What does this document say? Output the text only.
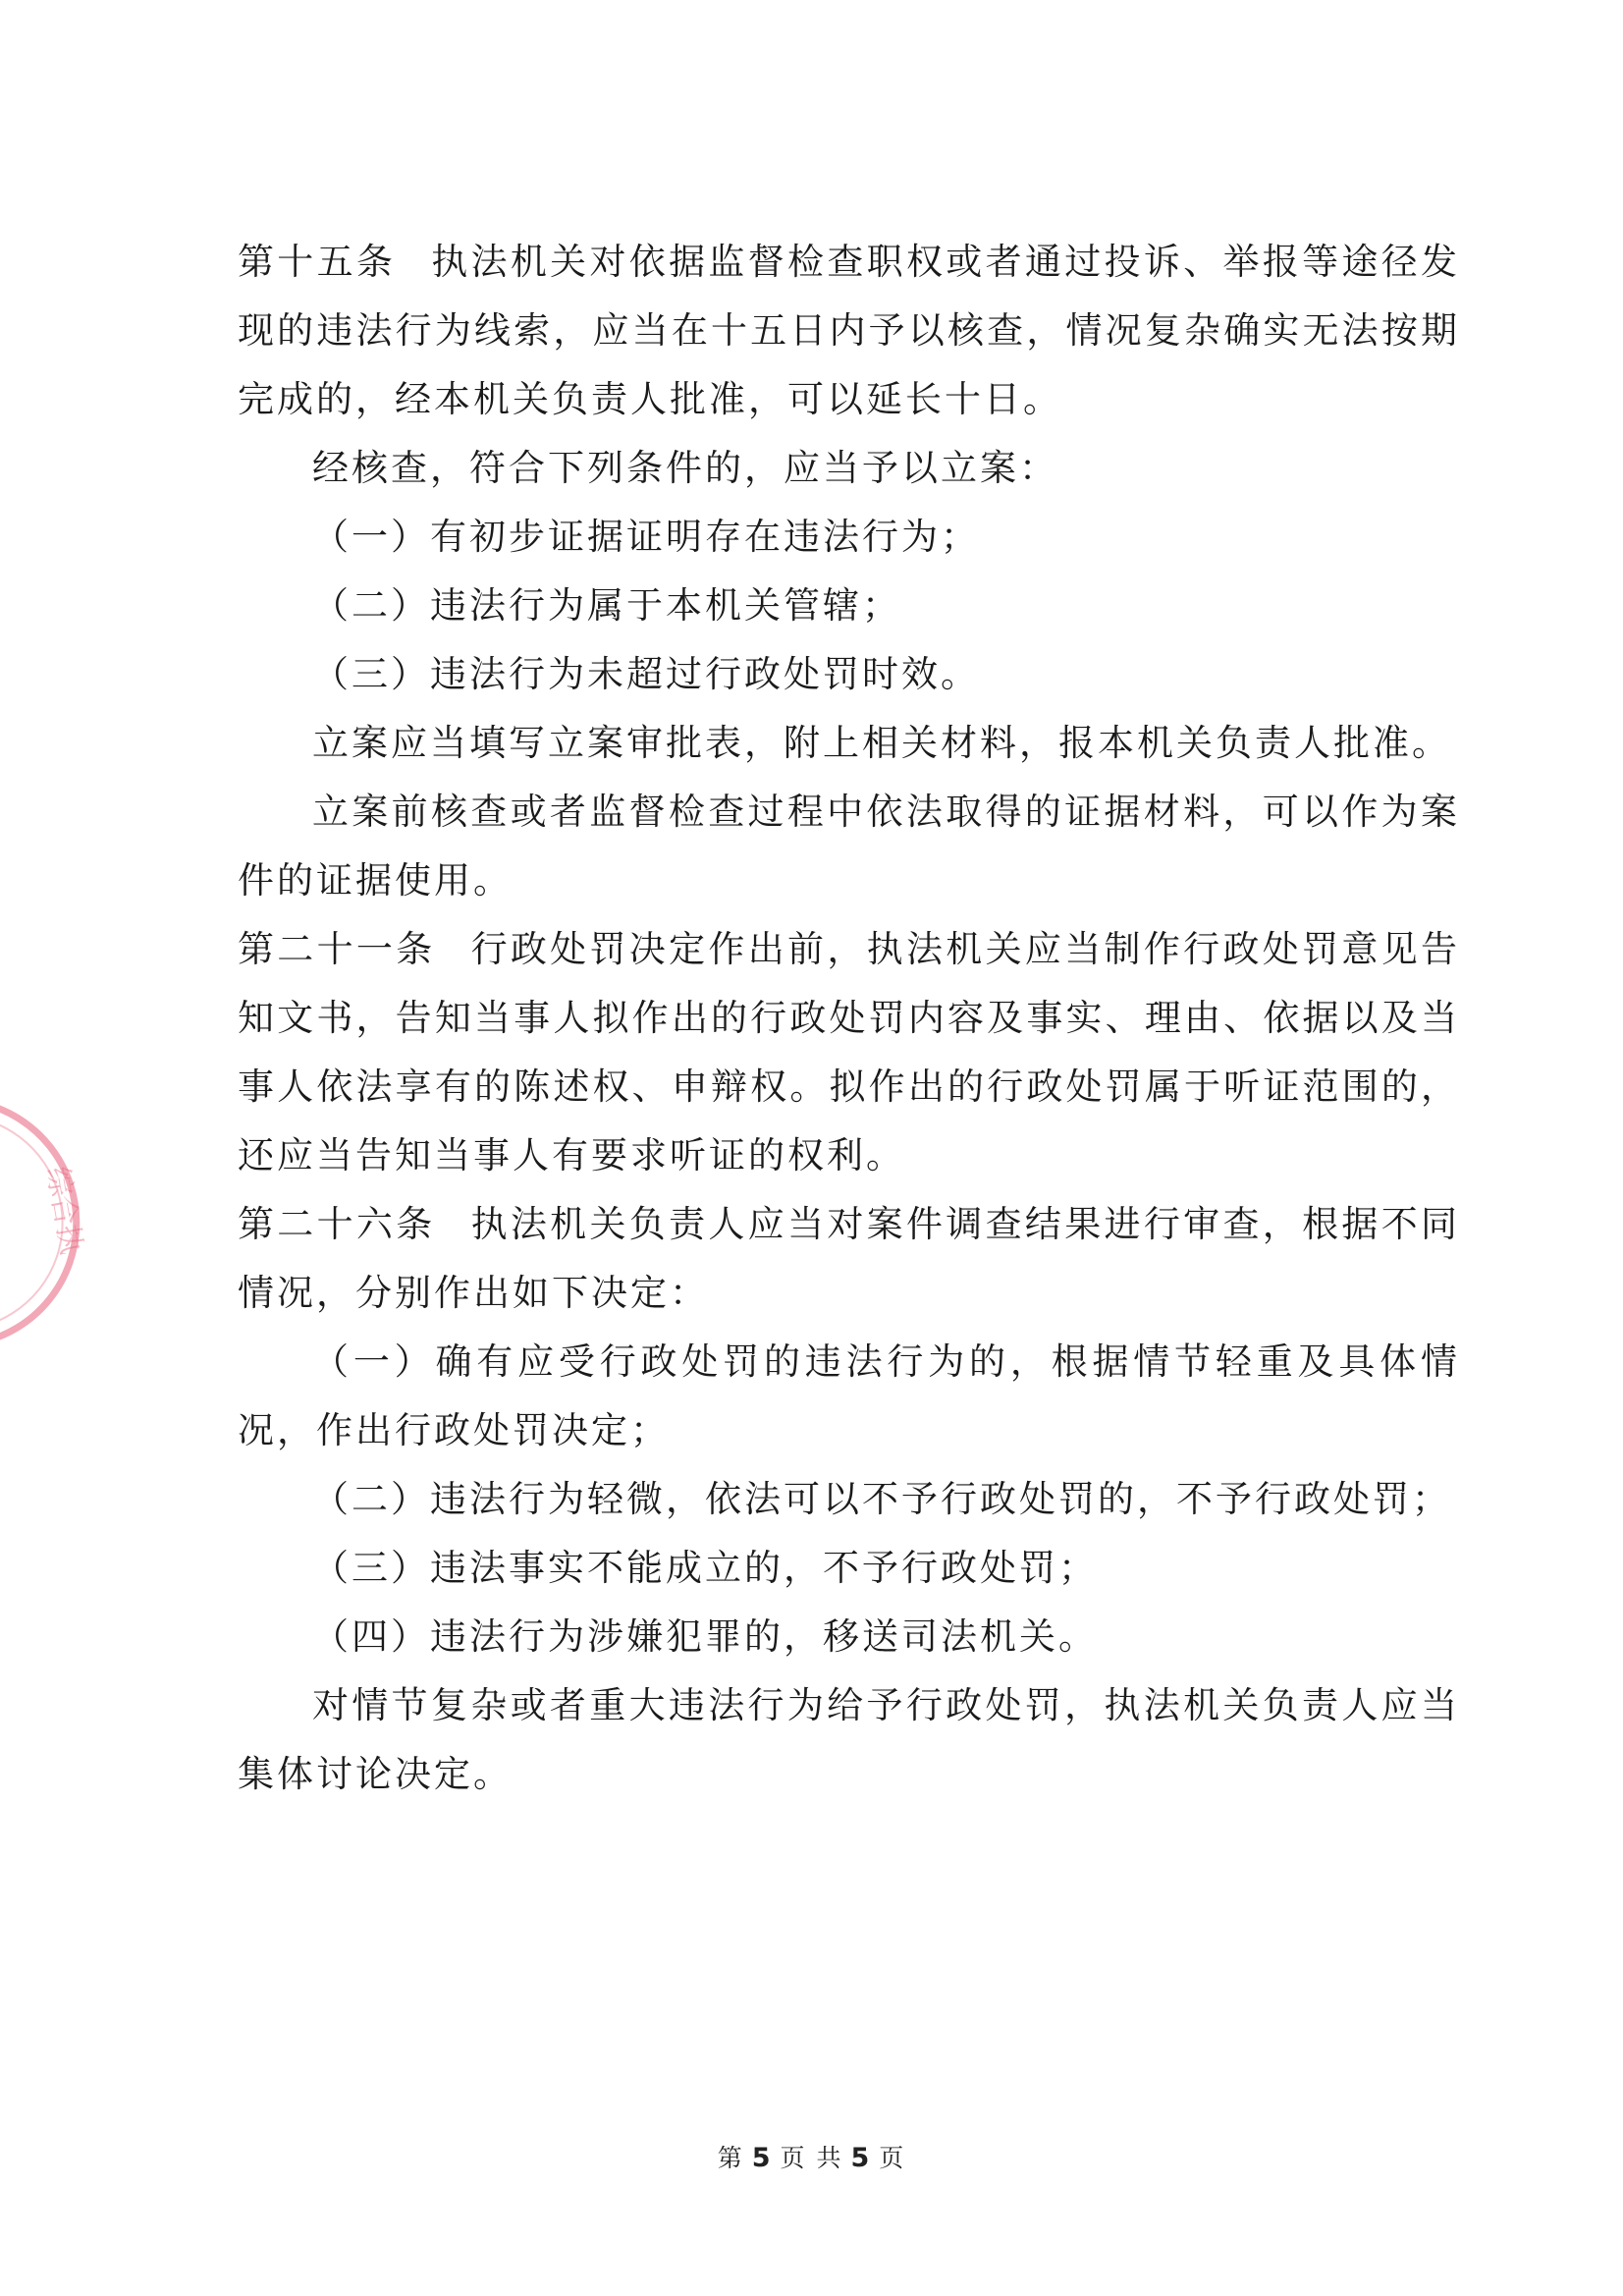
综合执

第十五条 执法机关对依据监督检查职权或者通过投诉、举报等途径发现的违法行为线索，应当在十五日内予以核查，情况复杂确实无法按期完成的，经本机关负责人批准，可以延长十日。

经核查，符合下列条件的，应当予以立案：

（一）有初步证据证明存在违法行为；

（二）违法行为属于本机关管辖；

（三）违法行为未超过行政处罚时效。

立案应当填写立案审批表，附上相关材料，报本机关负责人批准。

立案前核查或者监督检查过程中依法取得的证据材料，可以作为案件的证据使用。

第二十一条 行政处罚决定作出前，执法机关应当制作行政处罚意见告知文书，告知当事人拟作出的行政处罚内容及事实、理由、依据以及当事人依法享有的陈述权、申辩权。拟作出的行政处罚属于听证范围的，还应当告知当事人有要求听证的权利。

第二十六条 执法机关负责人应当对案件调查结果进行审查，根据不同情况，分别作出如下决定：

（一）确有应受行政处罚的违法行为的，根据情节轻重及具体情况，作出行政处罚决定；

（二）违法行为轻微，依法可以不予行政处罚的，不予行政处罚；

（三）违法事实不能成立的，不予行政处罚；

（四）违法行为涉嫌犯罪的，移送司法机关。

对情节复杂或者重大违法行为给予行政处罚，执法机关负责人应当集体讨论决定。

第 5 页 共 5 页
